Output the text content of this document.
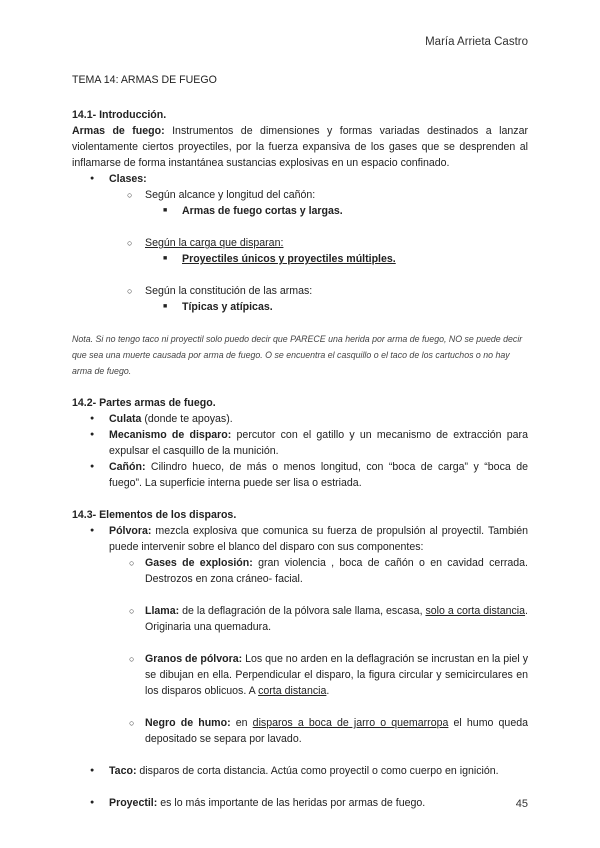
María Arrieta Castro

TEMA 14: ARMAS DE FUEGO

14.1- Introducción.

Armas de fuego: Instrumentos de dimensiones y formas variadas destinados a lanzar violentamente ciertos proyectiles, por la fuerza expansiva de los gases que se desprenden al inflamarse de forma instantánea sustancias explosivas en un espacio confinado.

● Clases:
○ Según alcance y longitud del cañón:
■ Armas de fuego cortas y largas.
○ Según la carga que disparan:
■ Proyectiles únicos y proyectiles múltiples.
○ Según la constitución de las armas:
■ Típicas y atípicas.

Nota. Si no tengo taco ni proyectil solo puedo decir que PARECE una herida por arma de fuego, NO se puede decir que sea una muerte causada por arma de fuego. O se encuentra el casquillo o el taco de los cartuchos o no hay arma de fuego.

14.2- Partes armas de fuego.

● Culata (donde te apoyas).
● Mecanismo de disparo: percutor con el gatillo y un mecanismo de extracción para expulsar el casquillo de la munición.
● Cañón: Cilindro hueco, de más o menos longitud, con “boca de carga” y “boca de fuego”. La superficie interna puede ser lisa o estriada.

14.3- Elementos de los disparos.

● Pólvora: mezcla explosiva que comunica su fuerza de propulsión al proyectil. También puede intervenir sobre el blanco del disparo con sus componentes:
○ Gases de explosión: gran violencia , boca de cañón o en cavidad cerrada. Destrozos en zona cráneo- facial.
○ Llama: de la deflagración de la pólvora sale llama, escasa, solo a corta distancia. Originaria una quemadura.
○ Granos de pólvora: Los que no arden en la deflagración se incrustan en la piel y se dibujan en ella. Perpendicular el disparo, la figura circular y semicirculares en los disparos oblicuos. A corta distancia.
○ Negro de humo: en disparos a boca de jarro o quemarropa el humo queda depositado se separa por lavado.
● Taco: disparos de corta distancia. Actúa como proyectil o como cuerpo en ignición.
● Proyectil: es lo más importante de las heridas por armas de fuego.	45
